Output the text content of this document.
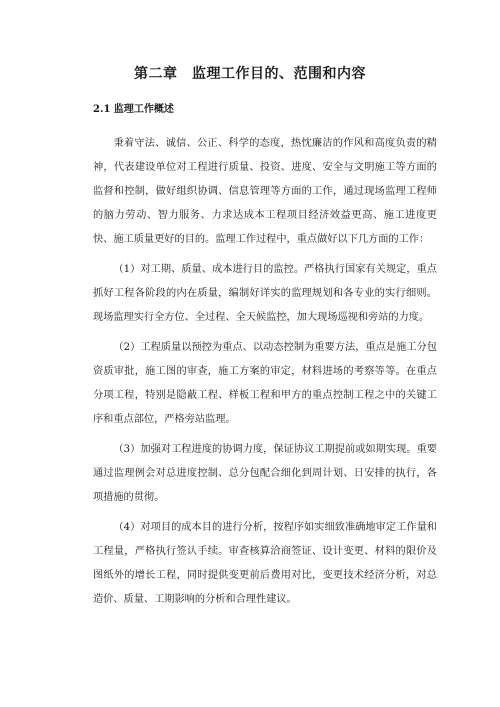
第二章　监理工作目的、范围和内容
2.1 监理工作概述

秉着守法、诚信、公正、科学的态度，热忱廉洁的作风和高度负责的精神，代表建设单位对工程进行质量、投资、进度、安全与文明施工等方面的监督和控制，做好组织协调、信息管理等方面的工作，通过现场监理工程师的脑力劳动、智力服务、力求达成本工程项目经济效益更高、施工进度更快、施工质量更好的目的。监理工作过程中，重点做好以下几方面的工作：

（1）对工期、质量、成本进行目的监控。严格执行国家有关规定，重点抓好工程各阶段的内在质量，编制好详实的监理规划和各专业的实行细则。现场监理实行全方位、全过程、全天候监控，加大现场巡视和旁站的力度。

（2）工程质量以预控为重点、以动态控制为重要方法，重点是施工分包资质审批，施工图的审查，施工方案的审定，材料进场的考察等等。在重点分项工程，特别是隐蔽工程、样板工程和甲方的重点控制工程之中的关键工序和重点部位，严格旁站监理。

（3）加强对工程进度的协调力度，保证协议工期提前或如期实现。重要通过监理例会对总进度控制、总分包配合细化到周计划、日安排的执行，各项措施的贯彻。

（4）对项目的成本目的进行分析，按程序如实细致准确地审定工作量和工程量，严格执行签认手续。审查核算洽商签证、设计变更、材料的限价及图纸外的增长工程，同时提供变更前后费用对比，变更技术经济分析，对总造价、质量、工期影响的分析和合理性建议。
